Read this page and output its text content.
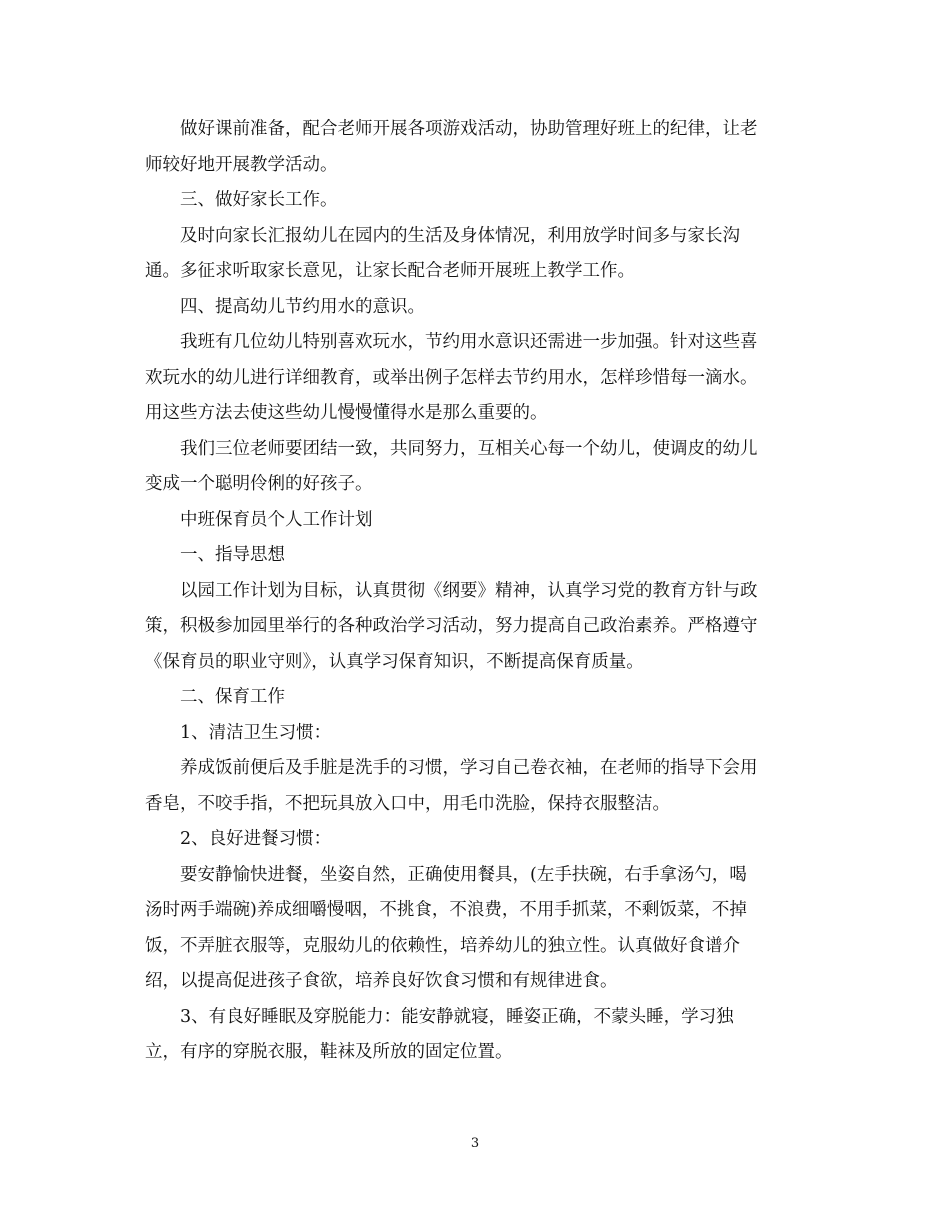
做好课前准备，配合老师开展各项游戏活动，协助管理好班上的纪律，让老
师较好地开展教学活动。

三、做好家长工作。

及时向家长汇报幼儿在园内的生活及身体情况，利用放学时间多与家长沟
通。多征求听取家长意见，让家长配合老师开展班上教学工作。

四、提高幼儿节约用水的意识。

我班有几位幼儿特别喜欢玩水，节约用水意识还需进一步加强。针对这些喜
欢玩水的幼儿进行详细教育，或举出例子怎样去节约用水，怎样珍惜每一滴水。
用这些方法去使这些幼儿慢慢懂得水是那么重要的。

我们三位老师要团结一致，共同努力，互相关心每一个幼儿，使调皮的幼儿
变成一个聪明伶俐的好孩子。

中班保育员个人工作计划

一、指导思想

以园工作计划为目标，认真贯彻《纲要》精神，认真学习党的教育方针与政
策，积极参加园里举行的各种政治学习活动，努力提高自己政治素养。严格遵守
《保育员的职业守则》，认真学习保育知识，不断提高保育质量。

二、保育工作

1、清洁卫生习惯：

养成饭前便后及手脏是洗手的习惯，学习自己卷衣袖，在老师的指导下会用
香皂，不咬手指，不把玩具放入口中，用毛巾洗脸，保持衣服整洁。

2、良好进餐习惯：

要安静愉快进餐，坐姿自然，正确使用餐具，(左手扶碗，右手拿汤勺，喝
汤时两手端碗)养成细嚼慢咽，不挑食，不浪费，不用手抓菜，不剩饭菜，不掉
饭，不弄脏衣服等，克服幼儿的依赖性，培养幼儿的独立性。认真做好食谱介
绍，以提高促进孩子食欲，培养良好饮食习惯和有规律进食。

3、有良好睡眠及穿脱能力：能安静就寝，睡姿正确，不蒙头睡，学习独
立，有序的穿脱衣服，鞋袜及所放的固定位置。

3
